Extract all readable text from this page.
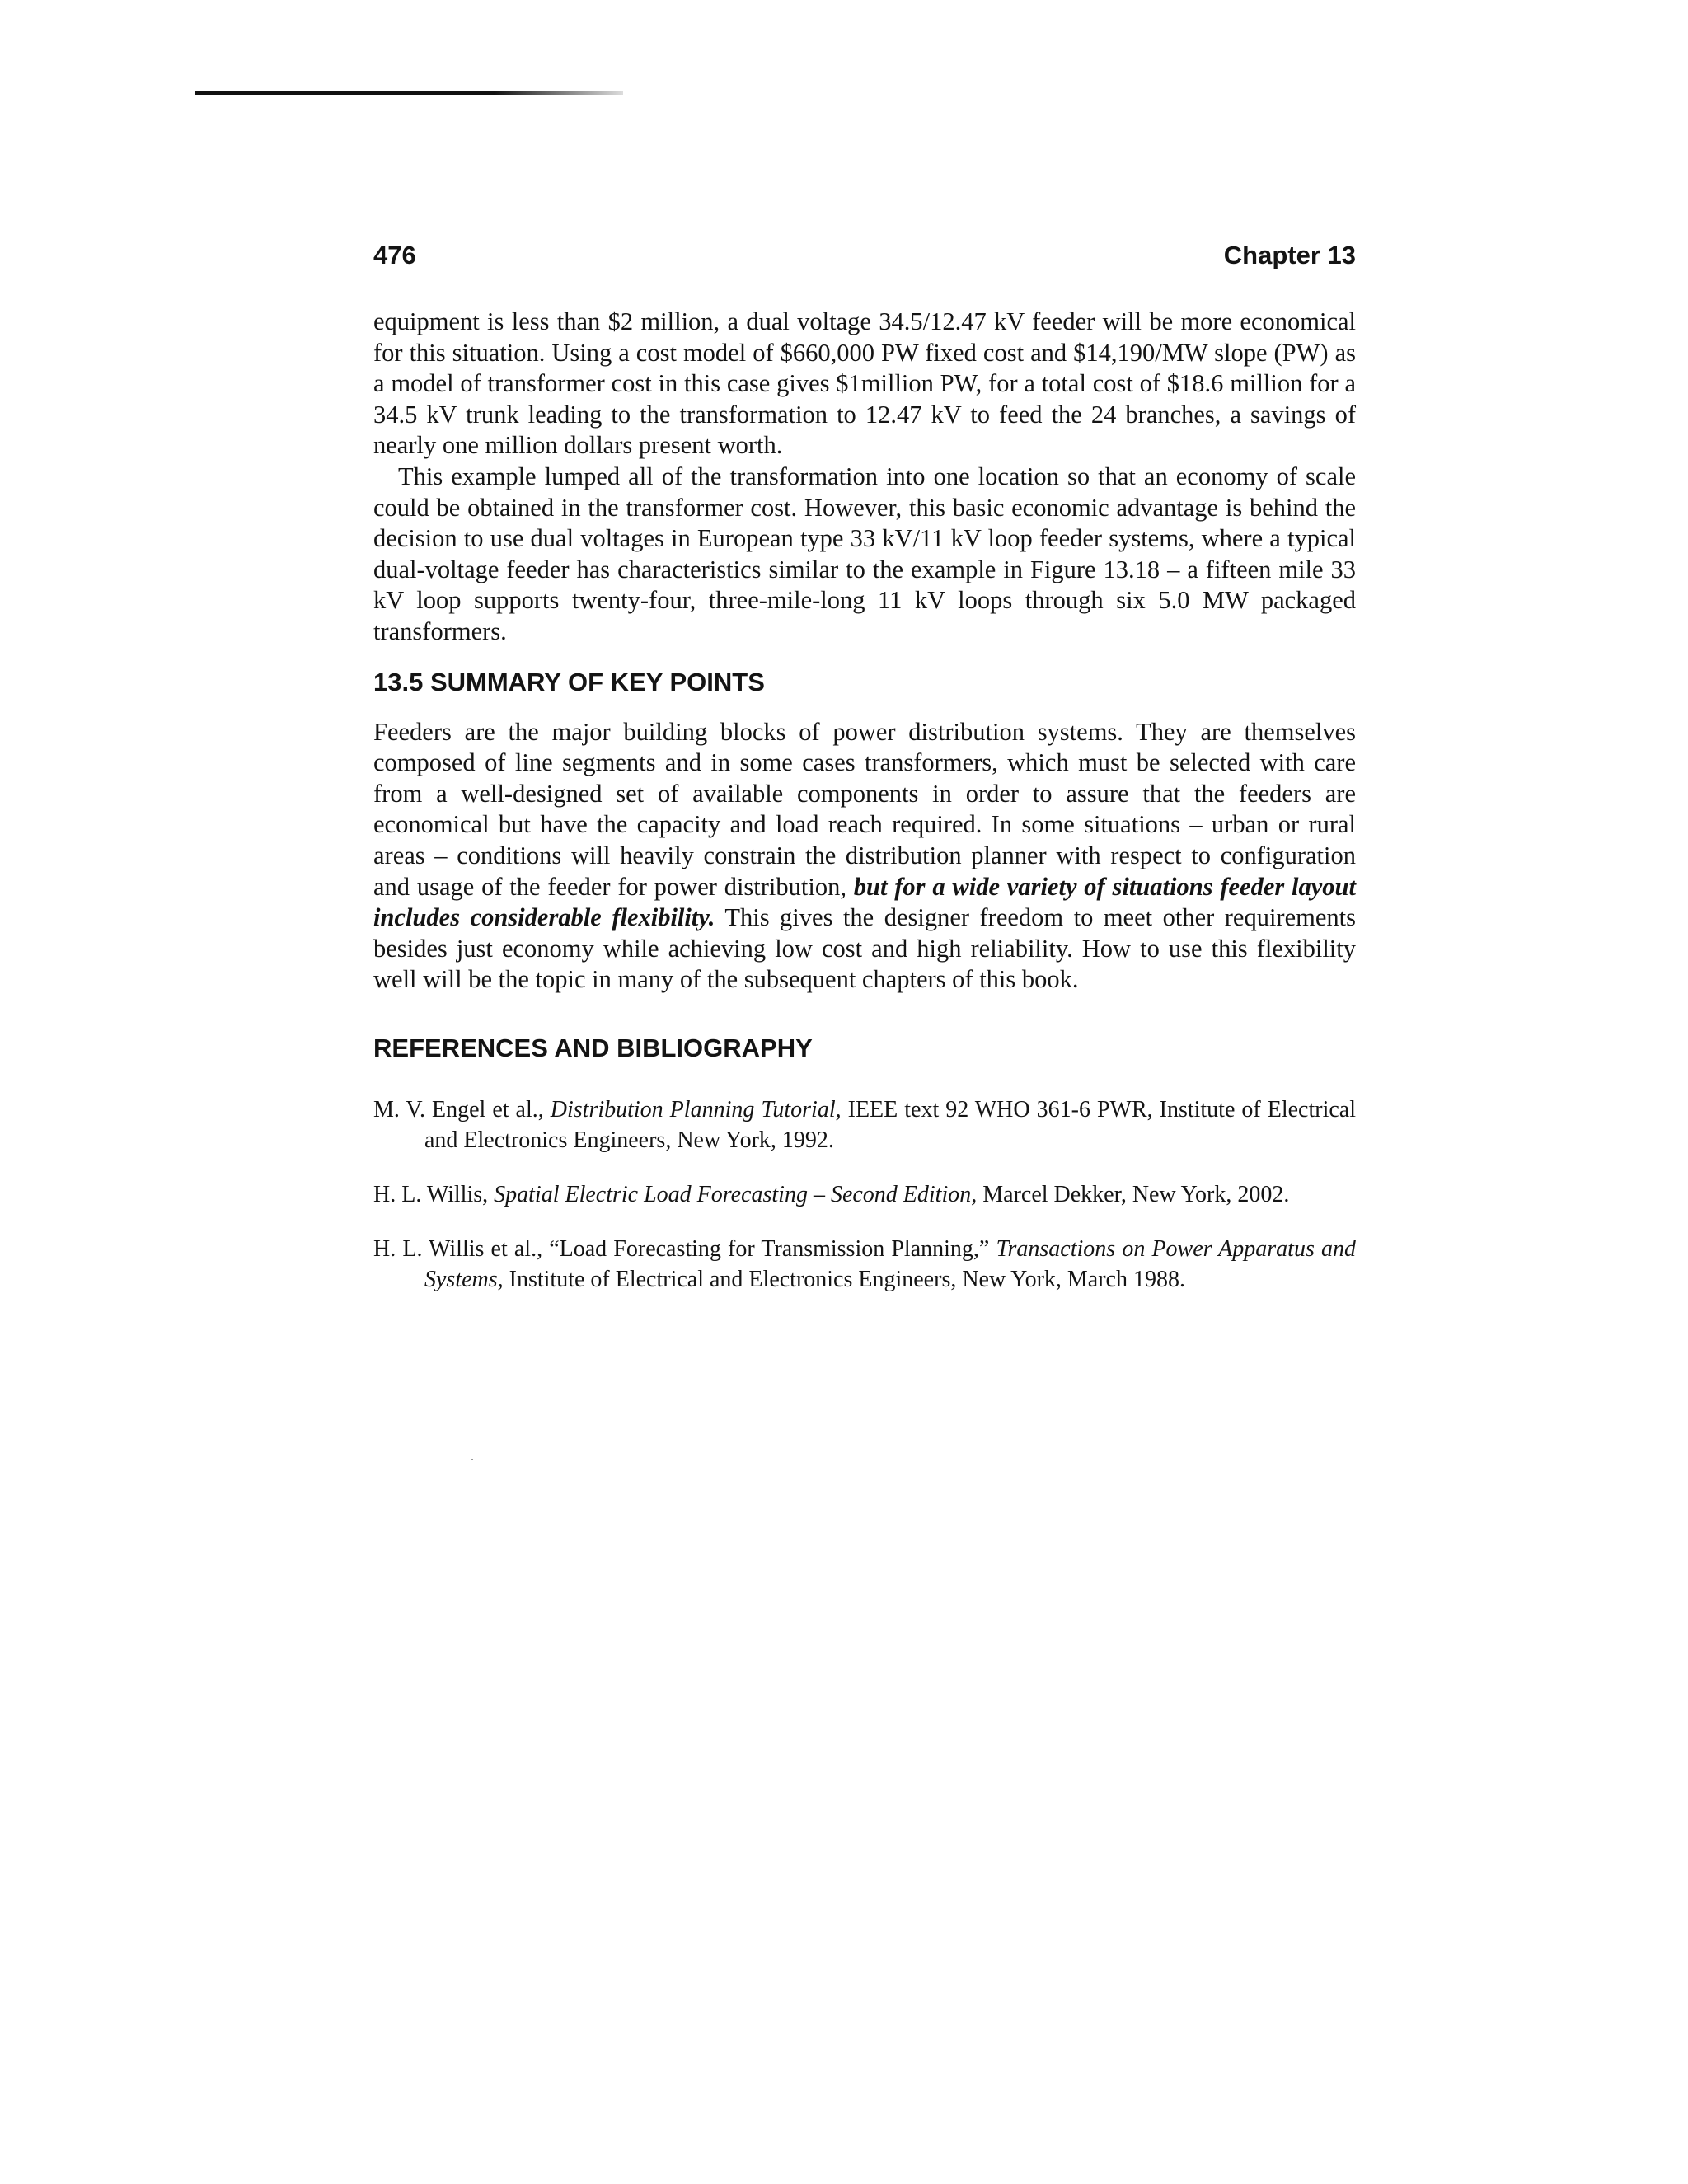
476	Chapter 13

equipment is less than $2 million, a dual voltage 34.5/12.47 kV feeder will be more economical for this situation. Using a cost model of $660,000 PW fixed cost and $14,190/MW slope (PW) as a model of transformer cost in this case gives $1million PW, for a total cost of $18.6 million for a 34.5 kV trunk leading to the transformation to 12.47 kV to feed the 24 branches, a savings of nearly one million dollars present worth.

This example lumped all of the transformation into one location so that an economy of scale could be obtained in the transformer cost. However, this basic economic advantage is behind the decision to use dual voltages in European type 33 kV/11 kV loop feeder systems, where a typical dual-voltage feeder has characteristics similar to the example in Figure 13.18 – a fifteen mile 33 kV loop supports twenty-four, three-mile-long 11 kV loops through six 5.0 MW packaged transformers.

13.5 SUMMARY OF KEY POINTS

Feeders are the major building blocks of power distribution systems. They are themselves composed of line segments and in some cases transformers, which must be selected with care from a well-designed set of available components in order to assure that the feeders are economical but have the capacity and load reach required. In some situations – urban or rural areas – conditions will heavily constrain the distribution planner with respect to configuration and usage of the feeder for power distribution, but for a wide variety of situations feeder layout includes considerable flexibility. This gives the designer freedom to meet other requirements besides just economy while achieving low cost and high reliability. How to use this flexibility well will be the topic in many of the subsequent chapters of this book.

REFERENCES AND BIBLIOGRAPHY

M. V. Engel et al., Distribution Planning Tutorial, IEEE text 92 WHO 361-6 PWR, Institute of Electrical and Electronics Engineers, New York, 1992.

H. L. Willis, Spatial Electric Load Forecasting – Second Edition, Marcel Dekker, New York, 2002.

H. L. Willis et al., “Load Forecasting for Transmission Planning,” Transactions on Power Apparatus and Systems, Institute of Electrical and Electronics Engineers, New York, March 1988.
